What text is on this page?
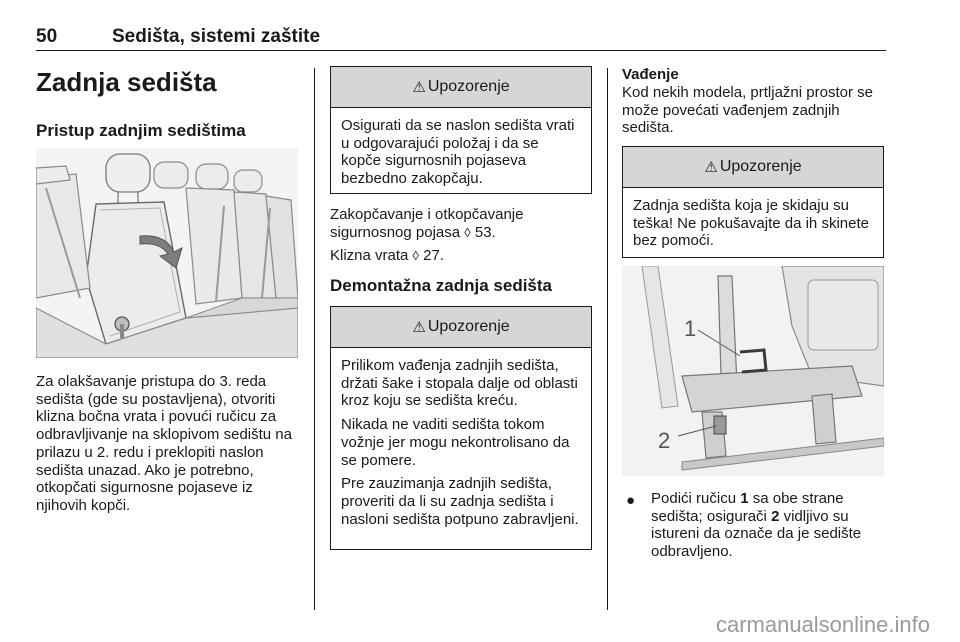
50	Sedišta, sistemi zaštite
Zadnja sedišta
Pristup zadnjim sedištima
Za olakšavanje pristupa do 3. reda sedišta (gde su postavljena), otvoriti klizna bočna vrata i povući ručicu za odbravljivanje na sklopivom sedištu na prilazu u 2. redu i preklopiti naslon sedišta unazad. Ako je potrebno, otkopčati sigurnosne pojaseve iz njihovih kopči.
⚠ Upozorenje

Osigurati da se naslon sedišta vrati u odgovarajući položaj i da se kopče sigurnosnih pojaseva bezbedno zakopčaju.

Zakopčavanje i otkopčavanje sigurnosnog pojasa ◊ 53.
Klizna vrata ◊ 27.
Demontažna zadnja sedišta
⚠ Upozorenje

Prilikom vađenja zadnjih sedišta, držati šake i stopala dalje od oblasti kroz koju se sedišta kreću.

Nikada ne vaditi sedišta tokom vožnje jer mogu nekontrolisano da se pomere.

Pre zauzimanja zadnjih sedišta, proveriti da li su zadnja sedišta i nasloni sedišta potpuno zabravljeni.

Vađenje
Kod nekih modela, prtljažni prostor se može povećati vađenjem zadnjih sedišta.
⚠ Upozorenje

Zadnja sedišta koja je skidaju su teška! Ne pokušavajte da ih skinete bez pomoći.

1
2
● Podići ručicu 1 sa obe strane sedišta; osigurači 2 vidljivo su istureni da označe da je sedište odbravljeno.
carmanualsonline.info
